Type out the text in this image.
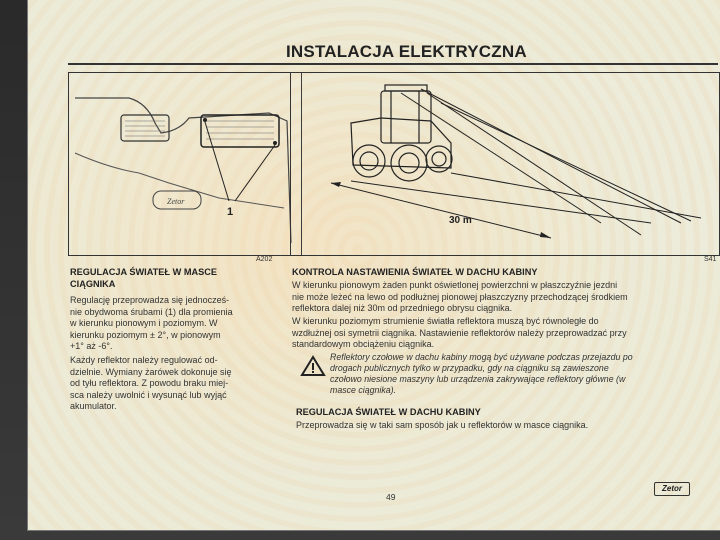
INSTALACJA ELEKTRYCZNA
Zetor
1
A202
30 m
S41
REGULACJA ŚWIATEŁ W MASCE
CIĄGNIKA
Regulację przeprowadza się jednocześ-
nie obydwoma śrubami (1) dla promienia
w kierunku pionowym i poziomym. W
kierunku poziomym ± 2°, w pionowym
+1° aż -6°.
Każdy reflektor należy regulować od-
dzielnie. Wymiany żarówek dokonuje się
od tyłu reflektora. Z powodu braku miej-
sca należy uwolnić i wysunąć lub wyjąć
akumulator.
KONTROLA NASTAWIENIA ŚWIATEŁ W DACHU KABINY
W kierunku pionowym żaden punkt oświetlonej powierzchni w płaszczyźnie jezdni
nie może leżeć na lewo od podłużnej pionowej płaszczyzny przechodzącej środkiem
reflektora dalej niż 30m od przedniego obrysu ciągnika.
W kierunku poziomym strumienie światła reflektora muszą być równoległe do
wzdłużnej osi symetrii ciągnika. Nastawienie reflektorów należy przeprowadzać przy
standardowym obciążeniu ciągnika.
Reflektory czołowe w dachu kabiny mogą być używane podczas przejazdu po
drogach publicznych tylko w przypadku, gdy na ciągniku są zawieszone
czołowo niesione maszyny lub urządzenia zakrywające reflektory główne (w
masce ciągnika).
REGULACJA ŚWIATEŁ W DACHU KABINY
Przeprowadza się w taki sam sposób jak u reflektorów w masce ciągnika.
49
Zetor
